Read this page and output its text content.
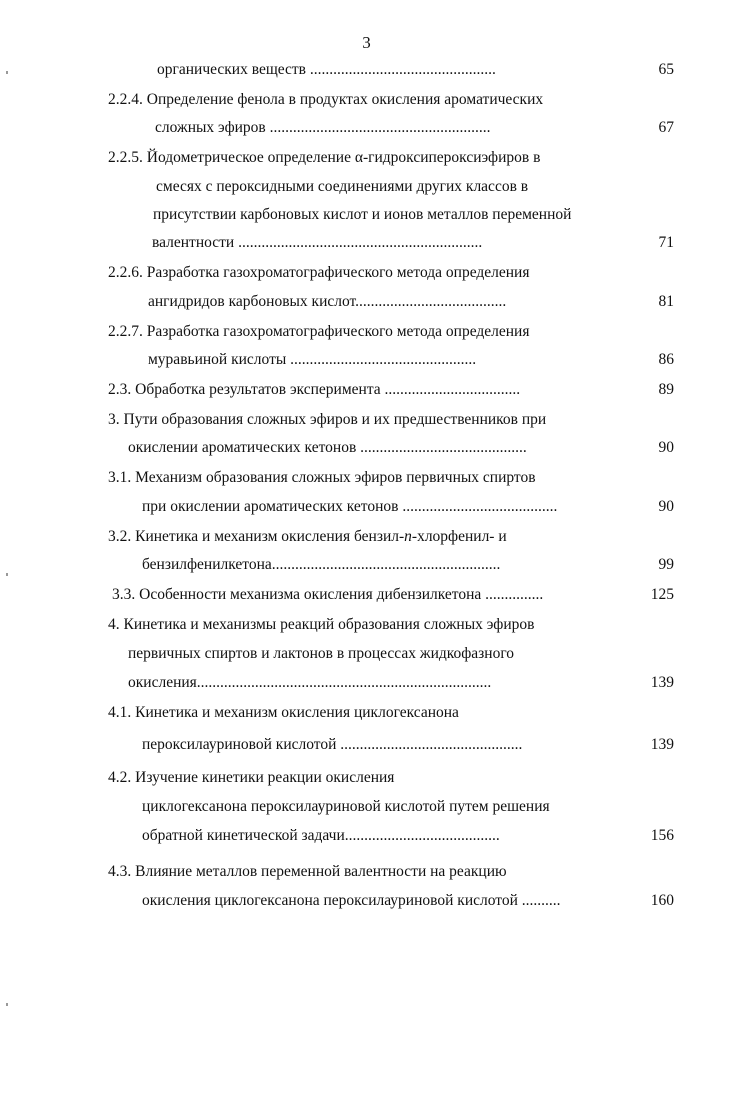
3
органических веществ ................................................	65
2.2.4. Определение фенола в продуктах окисления ароматических
сложных эфиров .........................................................	67
2.2.5. Йодометрическое определение α-гидроксипероксиэфиров в
смесях с пероксидными соединениями других классов в
присутствии карбоновых кислот и ионов металлов переменной
валентности ...............................................................	71
2.2.6. Разработка газохроматографического метода определения
ангидридов карбоновых кислот.......................................	81
2.2.7. Разработка газохроматографического метода определения
муравьиной кислоты ................................................	86
2.3. Обработка результатов эксперимента ...................................	89
3. Пути образования сложных эфиров и их предшественников при
окислении ароматических кетонов ...........................................	90
3.1. Механизм образования сложных эфиров первичных спиртов
при окислении ароматических кетонов ........................................	90
3.2. Кинетика и механизм окисления бензил-п-хлорфенил- и
бензилфенилкетона...........................................................	99
3.3. Особенности механизма окисления дибензилкетона ...............	125
4. Кинетика и механизмы реакций образования сложных эфиров
первичных спиртов и лактонов в процессах жидкофазного
окисления............................................................................	139
4.1. Кинетика и механизм окисления циклогексанона
пероксилауриновой кислотой ...............................................	139
4.2. Изучение кинетики реакции окисления
циклогексанона пероксилауриновой кислотой путем решения
обратной кинетической задачи........................................	156
4.3. Влияние металлов переменной валентности на реакцию
окисления циклогексанона пероксилауриновой кислотой ..........	160
